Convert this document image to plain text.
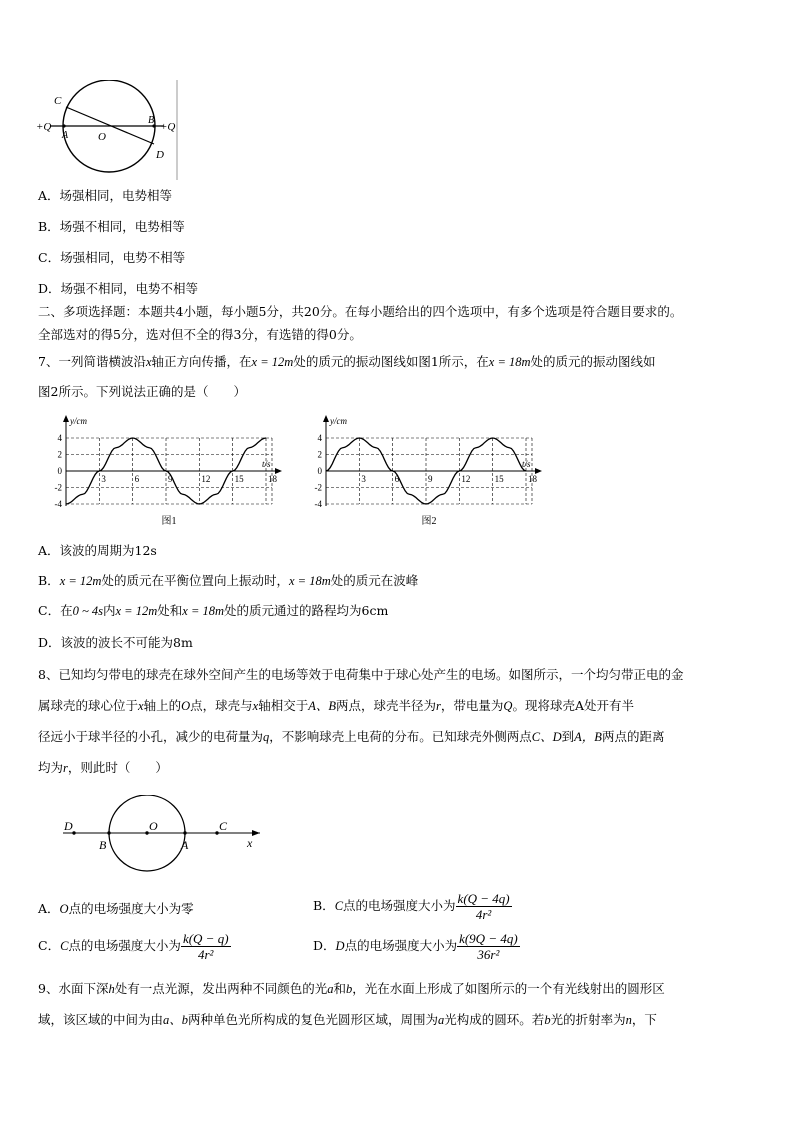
C
+Q
A	O
B
+Q
D
A．场强相同，电势相等
B．场强不相同，电势相等
C．场强相同，电势不相等
D．场强不相同，电势不相等
二、多项选择题：本题共4小题，每小题5分，共20分。在每小题给出的四个选项中，有多个选项是符合题目要求的。
全部选对的得5分，选对但不全的得3分，有选错的得0分。
7、一列简谐横波沿x轴正方向传播，在x = 12m处的质元的振动图线如图1所示，在x = 18m处的质元的振动图线如
图2所示。下列说法正确的是（　　）
y/cm
t/s
4
2
0
-2
-4
3	6	9	12	15	18
图1
y/cm
t/s
4
2
0
-2
-4
3	6	9	12	15	18
图2
A．该波的周期为12s
B．x = 12m处的质元在平衡位置向上振动时，x = 18m处的质元在波峰
C．在0 ~ 4s内x = 12m处和x = 18m处的质元通过的路程均为6cm
D．该波的波长不可能为8m
8、已知均匀带电的球壳在球外空间产生的电场等效于电荷集中于球心处产生的电场。如图所示，一个均匀带正电的金
属球壳的球心位于x轴上的O点，球壳与x轴相交于A、B两点，球壳半径为r，带电量为Q。现将球壳A处开有半
径远小于球半径的小孔，减少的电荷量为q，不影响球壳上电荷的分布。已知球壳外侧两点C、D到A，B两点的距离
均为r，则此时（　　）
D	O	C
B	A	x
A．O点的电场强度大小为零	B．C点的电场强度大小为 $\frac{k(Q - 4q)}{\text{4r²}}$
C．C点的电场强度大小为 $\frac{k(Q - q)}{\text{4r²}}$	D．D点的电场强度大小为 $\frac{k(9Q - 4q)}{\text{36r²}}$
9、水面下深h处有一点光源，发出两种不同颜色的光a和b，光在水面上形成了如图所示的一个有光线射出的圆形区
域，该区域的中间为由a、b两种单色光所构成的复色光圆形区域，周围为a光构成的圆环。若b光的折射率为n，下
